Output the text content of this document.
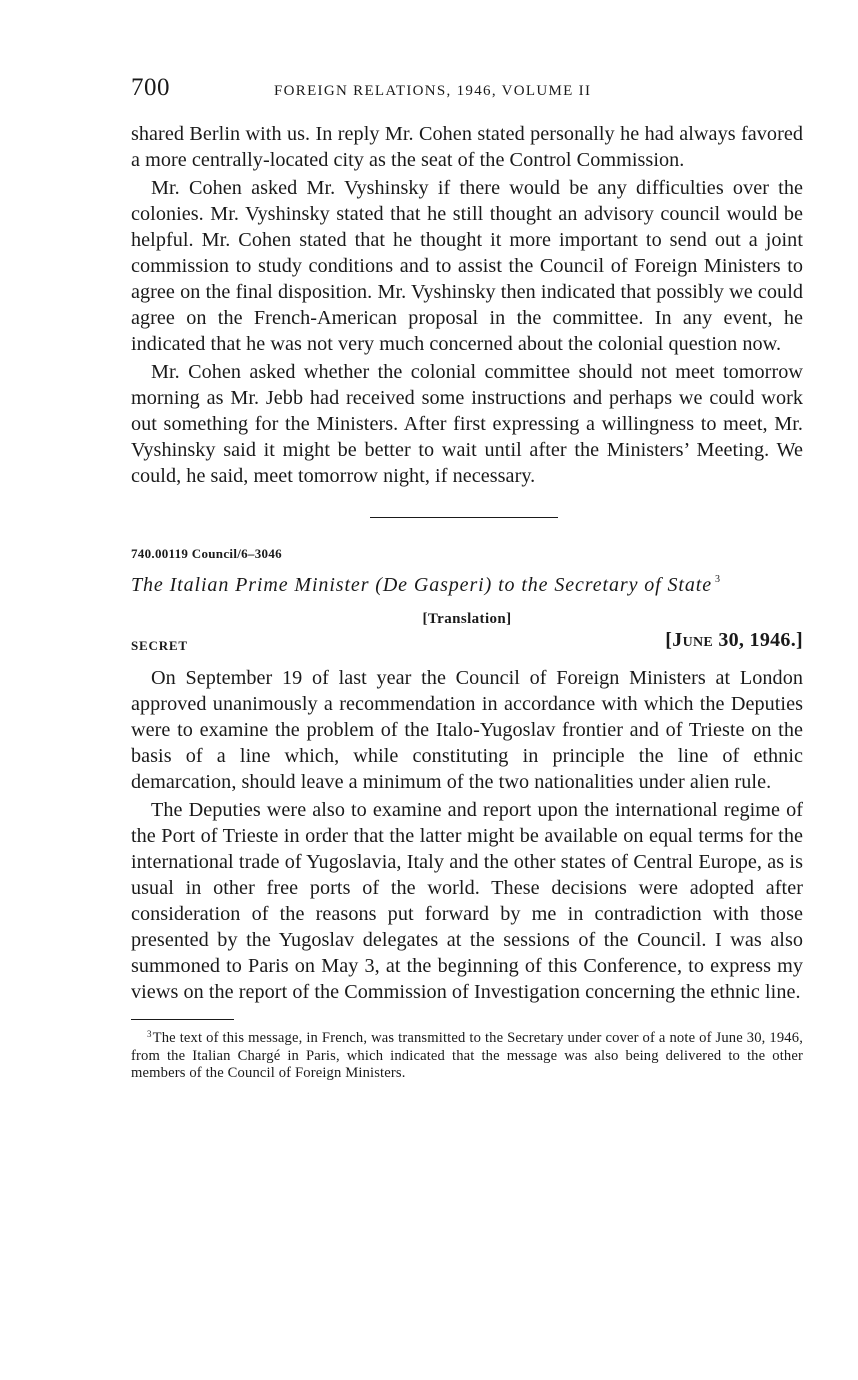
700	FOREIGN RELATIONS, 1946, VOLUME II

shared Berlin with us. In reply Mr. Cohen stated personally he had always favored a more centrally-located city as the seat of the Control Commission.

Mr. Cohen asked Mr. Vyshinsky if there would be any difficulties over the colonies. Mr. Vyshinsky stated that he still thought an advisory council would be helpful. Mr. Cohen stated that he thought it more important to send out a joint commission to study conditions and to assist the Council of Foreign Ministers to agree on the final disposition. Mr. Vyshinsky then indicated that possibly we could agree on the French-American proposal in the committee. In any event, he indicated that he was not very much concerned about the colonial question now.

Mr. Cohen asked whether the colonial committee should not meet tomorrow morning as Mr. Jebb had received some instructions and perhaps we could work out something for the Ministers. After first expressing a willingness to meet, Mr. Vyshinsky said it might be better to wait until after the Ministers’ Meeting. We could, he said, meet tomorrow night, if necessary.

740.00119 Council/6–3046
The Italian Prime Minister (De Gasperi) to the Secretary of State $^3$
[Translation]
SECRET	[June 30, 1946.]

On September 19 of last year the Council of Foreign Ministers at London approved unanimously a recommendation in accordance with which the Deputies were to examine the problem of the Italo-Yugoslav frontier and of Trieste on the basis of a line which, while constituting in principle the line of ethnic demarcation, should leave a minimum of the two nationalities under alien rule.

The Deputies were also to examine and report upon the international regime of the Port of Trieste in order that the latter might be available on equal terms for the international trade of Yugoslavia, Italy and the other states of Central Europe, as is usual in other free ports of the world. These decisions were adopted after consideration of the reasons put forward by me in contradiction with those presented by the Yugoslav delegates at the sessions of the Council. I was also summoned to Paris on May 3, at the beginning of this Conference, to express my views on the report of the Commission of Investigation concerning the ethnic line.

$^3$The text of this message, in French, was transmitted to the Secretary under cover of a note of June 30, 1946, from the Italian Chargé in Paris, which indicated that the message was also being delivered to the other members of the Council of Foreign Ministers.
